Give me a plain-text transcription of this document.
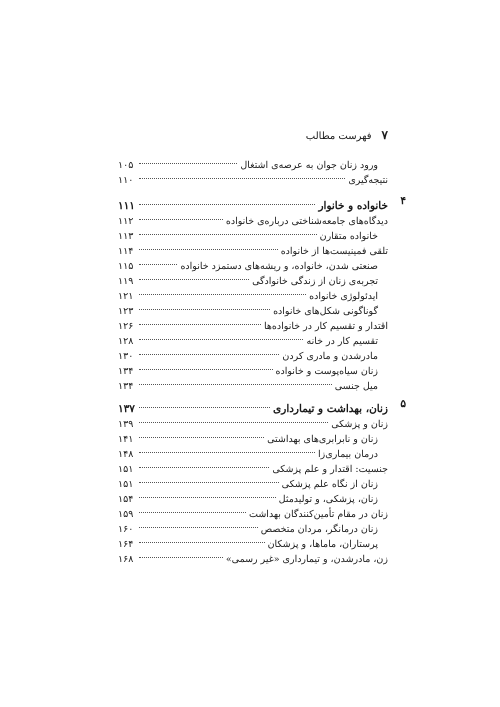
۷
فهرست مطالب
ورود زنان جوان به عرصه‌ی اشتغال
۱۰۵
نتیجه‌گیری
۱۱۰
۴
خانواده و خانوار
۱۱۱
دیدگاه‌های جامعه‌شناختی درباره‌ی خانواده
۱۱۲
خانواده متقارن
۱۱۳
تلقی فمینیست‌ها از خانواده
۱۱۴
صنعتی شدن، خانواده، و ریشه‌های دستمزد خانواده
۱۱۵
تجربه‌ی زنان از زندگی خانوادگی
۱۱۹
ایدئولوژی خانواده
۱۲۱
گوناگونی شکل‌های خانواده
۱۲۳
اقتدار و تقسیم کار در خانواده‌ها
۱۲۶
تقسیم کار در خانه
۱۲۸
مادرشدن و مادری کردن
۱۳۰
زنان سیاه‌پوست و خانواده
۱۳۴
میل جنسی
۱۳۴
۵
زنان، بهداشت و تیمارداری
۱۳۷
زنان و پزشکی
۱۳۹
زنان و نابرابری‌های بهداشتی
۱۴۱
درمان بیماری‌زا
۱۴۸
جنسیت: اقتدار و علم پزشکی
۱۵۱
زنان از نگاه علم پزشکی
۱۵۱
زنان، پزشکی، و تولیدمثل
۱۵۴
زنان در مقام تأمین‌کنندگان بهداشت
۱۵۹
زنان درمانگر، مردان متخصص
۱۶۰
پرستاران، ماماها، و پزشکان
۱۶۴
زن، مادرشدن، و تیمارداری «غیر رسمی»
۱۶۸
